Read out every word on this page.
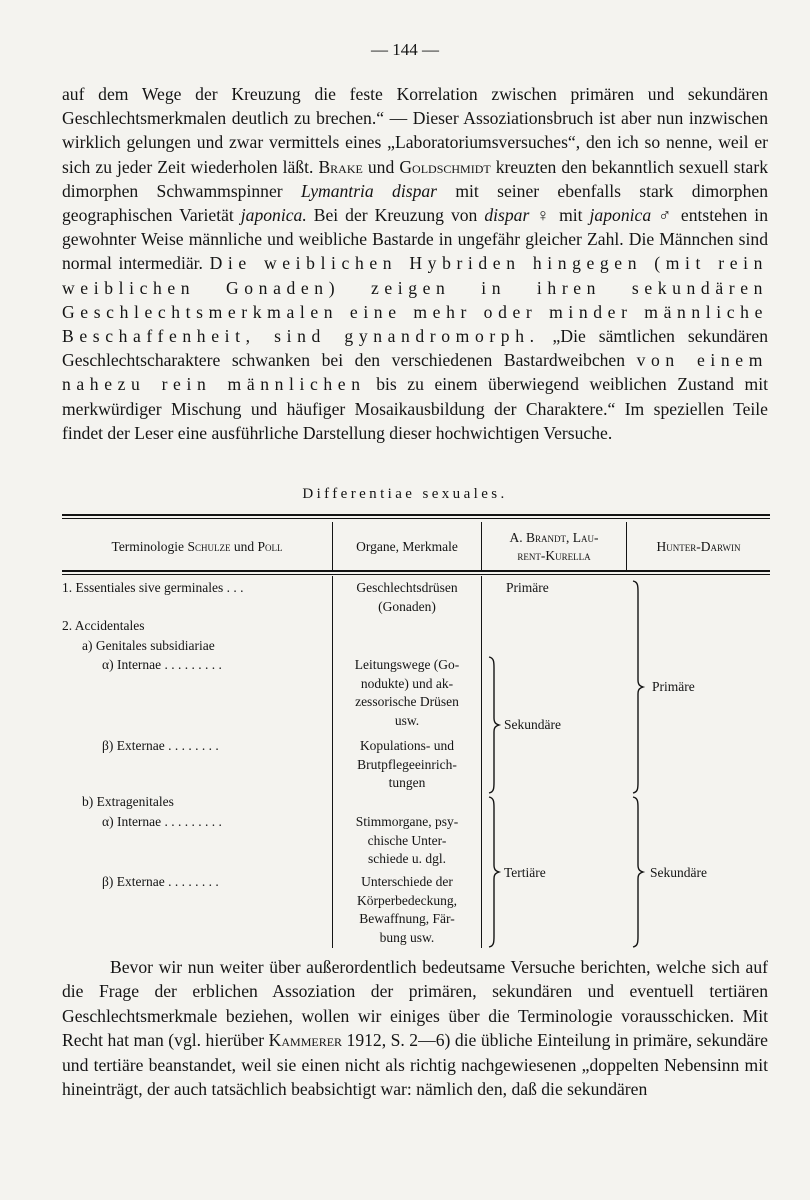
— 144 —
auf dem Wege der Kreuzung die feste Korrelation zwischen primären und sekundären Geschlechtsmerkmalen deutlich zu brechen.“ — Dieser Assoziationsbruch ist aber nun inzwischen wirklich gelungen und zwar vermittels eines „Laboratoriumsversuches“, den ich so nenne, weil er sich zu jeder Zeit wiederholen läßt. Brake und Goldschmidt kreuzten den bekanntlich sexuell stark dimorphen Schwammspinner Lymantria dispar mit seiner ebenfalls stark dimorphen geographischen Varietät japonica. Bei der Kreuzung von dispar ♀ mit japonica ♂ entstehen in gewohnter Weise männliche und weibliche Bastarde in ungefähr gleicher Zahl. Die Männchen sind normal intermediär. Die weiblichen Hybriden hingegen (mit rein weiblichen Gonaden) zeigen in ihren sekundären Geschlechtsmerkmalen eine mehr oder minder männliche Beschaffenheit, sind gynandromorph. „Die sämtlichen sekundären Geschlechtscharaktere schwanken bei den verschiedenen Bastardweibchen von einem nahezu rein männlichen bis zu einem überwiegend weiblichen Zustand mit merkwürdiger Mischung und häufiger Mosaikausbildung der Charaktere.“ Im speziellen Teile findet der Leser eine ausführliche Darstellung dieser hochwichtigen Versuche.
Differentiae sexuales.
Terminologie Schulze und Poll	Organe, Merkmale
A. Brandt, Lau-
rent-Kurella
Hunter-Darwin
1. Essentiales sive germinales . . .
2. Accidentales
a) Genitales subsidiariae
α) Internae . . . . . . . . .
β) Externae . . . . . . . .
b) Extragenitales
α) Internae . . . . . . . . .
β) Externae . . . . . . . .
Geschlechtsdrüsen
(Gonaden)
Leitungswege (Go-
nodukte) und ak-
zessorische Drüsen
usw.
Kopulations- und
Brutpflegeeinrich-
tungen
Stimmorgane, psy-
chische Unter-
schiede u. dgl.
Unterschiede der
Körperbedeckung,
Bewaffnung, Fär-
bung usw.
Primäre
Sekundäre
Tertiäre
Primäre
Sekundäre
Bevor wir nun weiter über außerordentlich bedeutsame Versuche berichten, welche sich auf die Frage der erblichen Assoziation der primären, sekundären und eventuell tertiären Geschlechtsmerkmale beziehen, wollen wir einiges über die Terminologie vorausschicken. Mit Recht hat man (vgl. hierüber Kammerer 1912, S. 2—6) die übliche Einteilung in primäre, sekundäre und tertiäre beanstandet, weil sie einen nicht als richtig nachgewiesenen „doppelten Nebensinn mit hineinträgt, der auch tatsächlich beabsichtigt war: nämlich den, daß die sekundären
